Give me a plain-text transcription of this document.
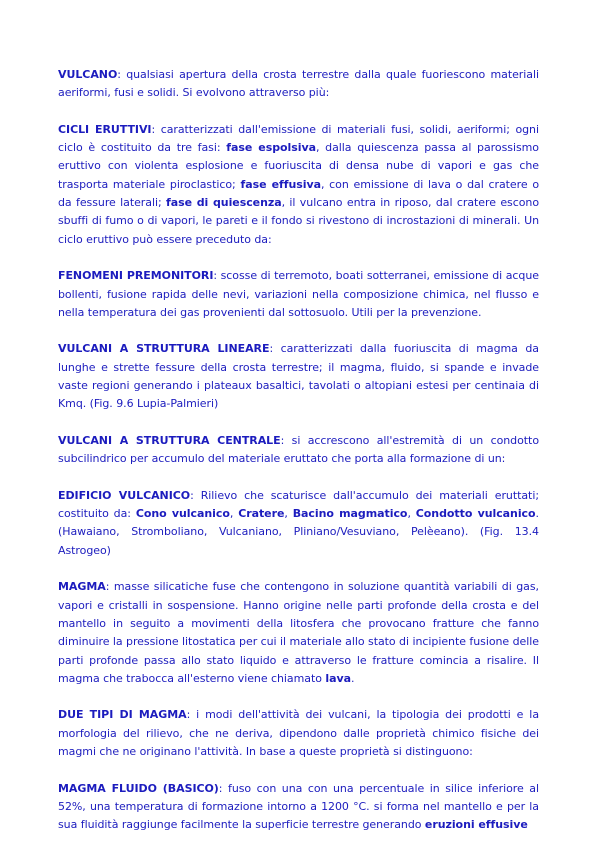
VULCANO: qualsiasi apertura della crosta terrestre dalla quale fuoriescono materiali aeriformi, fusi e solidi. Si evolvono attraverso più:

CICLI ERUTTIVI: caratterizzati dall'emissione di materiali fusi, solidi, aeriformi; ogni ciclo è costituito da tre fasi: fase espolsiva, dalla quiescenza passa al parossismo eruttivo con violenta esplosione e fuoriuscita di densa nube di vapori e gas che trasporta materiale piroclastico; fase effusiva, con emissione di lava o dal cratere o da fessure laterali; fase di quiescenza, il vulcano entra in riposo, dal cratere escono sbuffi di fumo o di vapori, le pareti e il fondo si rivestono di incrostazioni di minerali. Un ciclo eruttivo può essere preceduto da:

FENOMENI PREMONITORI: scosse di terremoto, boati sotterranei, emissione di acque bollenti, fusione rapida delle nevi, variazioni nella composizione chimica, nel flusso e nella temperatura dei gas provenienti dal sottosuolo. Utili per la prevenzione.

VULCANI A STRUTTURA LINEARE: caratterizzati dalla fuoriuscita di magma da lunghe e strette fessure della crosta terrestre; il magma, fluido, si spande e invade vaste regioni generando i plateaux basaltici, tavolati o altopiani estesi per centinaia di Kmq. (Fig. 9.6 Lupia-Palmieri)

VULCANI A STRUTTURA CENTRALE: si accrescono all'estremità di un condotto subcilindrico per accumulo del materiale eruttato che porta alla formazione di un:

EDIFICIO VULCANICO: Rilievo che scaturisce dall'accumulo dei materiali eruttati; costituito da: Cono vulcanico, Cratere, Bacino magmatico, Condotto vulcanico. (Hawaiano, Stromboliano, Vulcaniano, Pliniano/Vesuviano, Pelèeano). (Fig. 13.4 Astrogeo)

MAGMA: masse silicatiche fuse che contengono in soluzione quantità variabili di gas, vapori e cristalli in sospensione. Hanno origine nelle parti profonde della crosta e del mantello in seguito a movimenti della litosfera che provocano fratture che fanno diminuire la pressione litostatica per cui il materiale allo stato di incipiente fusione delle parti profonde passa allo stato liquido e attraverso le fratture comincia a risalire. Il magma che trabocca all'esterno viene chiamato lava.

DUE TIPI DI MAGMA: i modi dell'attività dei vulcani, la tipologia dei prodotti e la morfologia del rilievo, che ne deriva, dipendono dalle proprietà chimico fisiche dei magmi che ne originano l'attività. In base a queste proprietà si distinguono:

MAGMA FLUIDO (BASICO): fuso con una con una percentuale in silice inferiore al 52%, una temperatura di formazione intorno a 1200 °C. si forma nel mantello e per la sua fluidità raggiunge facilmente la superficie terrestre generando eruzioni effusive
